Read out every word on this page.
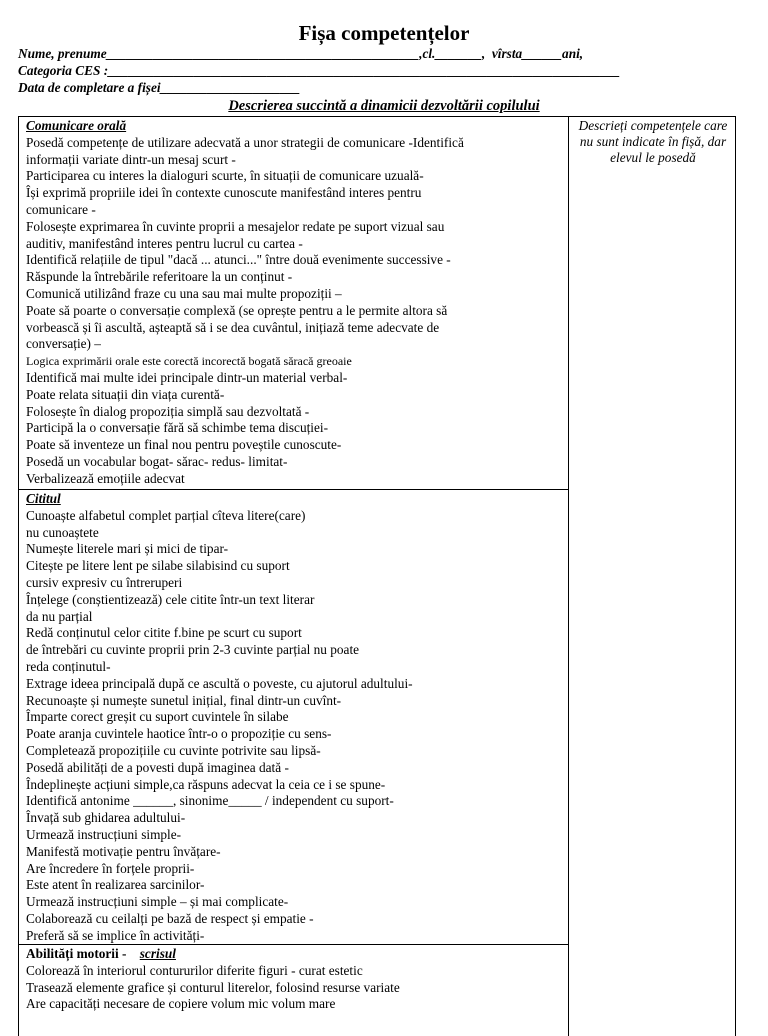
Fișa competențelor
Nume, prenume_______________________________________________,cl._______,  vîrsta______ani,
Categoria CES :_____________________________________________________________________________
Data de completare a fișei_____________________
Descrierea succintă a dinamicii dezvoltării copilului
Descrieți competențele care nu sunt indicate în fișă, dar elevul le posedă
Comunicare orală
Posedă competențe de utilizare adecvată a unor strategii de comunicare -Identifică
informații variate dintr-un mesaj scurt -
Participarea cu interes la dialoguri scurte, în situații de comunicare uzuală-
Își exprimă propriile idei în contexte cunoscute manifestând interes pentru
comunicare -
Folosește exprimarea în cuvinte proprii a mesajelor redate pe suport vizual sau
auditiv, manifestând interes pentru lucrul cu cartea -
Identifică relațiile de tipul "dacă ... atunci..." între două evenimente successive -
Răspunde la întrebările referitoare la un conținut -
Comunică utilizând fraze cu una sau mai multe propoziții –
Poate să poarte o conversație complexă (se oprește pentru a le permite altora să
vorbească și îi ascultă, așteaptă să i se dea cuvântul, inițiază teme adecvate de
conversație) –
Logica exprimării orale este corectă incorectă bogată săracă greoaie
Identifică mai multe idei principale dintr-un material verbal-
Poate relata situații din viața curentă-
Folosește în dialog propoziția simplă sau dezvoltată -
Participă la o conversație fără să schimbe tema discuției-
Poate să inventeze un final nou pentru poveștile cunoscute-
Posedă un vocabular bogat- sărac- redus- limitat-
Verbalizează emoțiile adecvat
Cititul
Cunoaște alfabetul complet parțial cîteva litere(care)
nu cunoaștete
Numește literele mari și mici de tipar-
Citește pe litere lent pe silabe silabisind cu suport
cursiv expresiv cu întreruperi
Înțelege (conștientizează) cele citite într-un text literar
da nu parțial
Redă conținutul celor citite f.bine pe scurt cu suport
de întrebări cu cuvinte proprii prin 2-3 cuvinte parțial nu poate
reda conținutul-
Extrage ideea principală după ce ascultă o poveste, cu ajutorul adultului-
Recunoaște și numește sunetul inițial, final dintr-un cuvînt-
Împarte corect greșit cu suport cuvintele în silabe
Poate aranja cuvintele haotice într-o o propoziție cu sens-
Completează propozițiile cu cuvinte potrivite sau lipsă-
Posedă abilități de a povesti după imaginea dată -
Îndeplinește acțiuni simple,ca răspuns adecvat la ceia ce i se spune-
Identifică antonime ______, sinonime_____ / independent cu suport-
Învață sub ghidarea adultului-
Urmează instrucțiuni simple-
Manifestă motivație pentru învățare-
Are încredere în forțele proprii-
Este atent în realizarea sarcinilor-
Urmează instrucțiuni simple – și mai complicate-
Colaborează cu ceilalți pe bază de respect și empatie -
Preferă să se implice în activități-
Abilități motorii - scrisul
Colorează în interiorul contururilor diferite figuri - curat estetic
Trasează elemente grafice și conturul literelor, folosind resurse variate
Are capacități necesare de copiere volum mic volum mare
